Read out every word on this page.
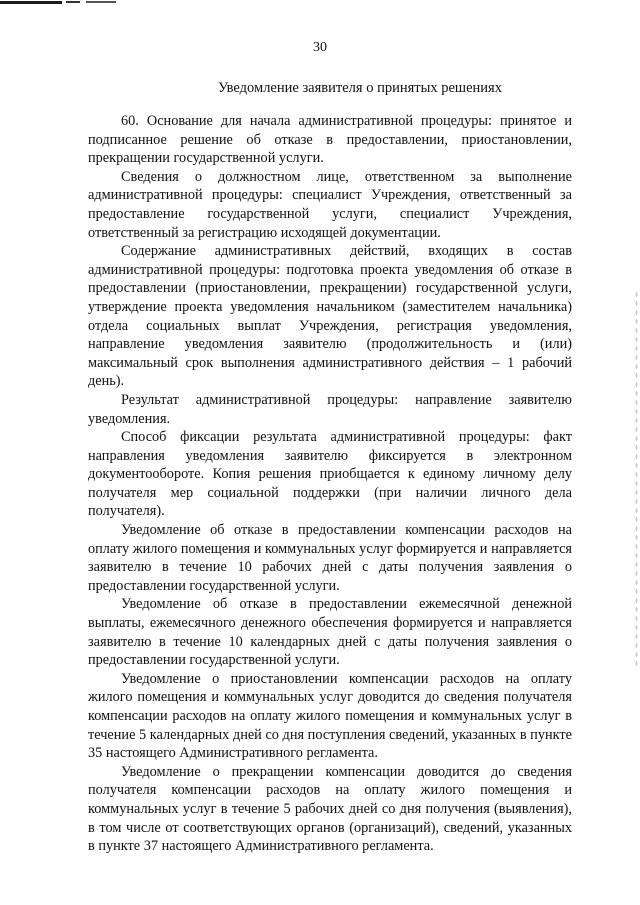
30
Уведомление заявителя о принятых решениях

60. Основание для начала административной процедуры: принятое и подписанное решение об отказе в предоставлении, приостановлении, прекращении государственной услуги.

Сведения о должностном лице, ответственном за выполнение административной процедуры: специалист Учреждения, ответственный за предоставление государственной услуги, специалист Учреждения, ответственный за регистрацию исходящей документации.

Содержание административных действий, входящих в состав административной процедуры: подготовка проекта уведомления об отказе в предоставлении (приостановлении, прекращении) государственной услуги, утверждение проекта уведомления начальником (заместителем начальника) отдела социальных выплат Учреждения, регистрация уведомления, направление уведомления заявителю (продолжительность и (или) максимальный срок выполнения административного действия – 1 рабочий день).

Результат административной процедуры: направление заявителю уведомления.

Способ фиксации результата административной процедуры: факт направления уведомления заявителю фиксируется в электронном документообороте. Копия решения приобщается к единому личному делу получателя мер социальной поддержки (при наличии личного дела получателя).

Уведомление об отказе в предоставлении компенсации расходов на оплату жилого помещения и коммунальных услуг формируется и направляется заявителю в течение 10 рабочих дней с даты получения заявления о предоставлении государственной услуги.

Уведомление об отказе в предоставлении ежемесячной денежной выплаты, ежемесячного денежного обеспечения формируется и направляется заявителю в течение 10 календарных дней с даты получения заявления о предоставлении государственной услуги.

Уведомление о приостановлении компенсации расходов на оплату жилого помещения и коммунальных услуг доводится до сведения получателя компенсации расходов на оплату жилого помещения и коммунальных услуг в течение 5 календарных дней со дня поступления сведений, указанных в пункте 35 настоящего Административного регламента.

Уведомление о прекращении компенсации доводится до сведения получателя компенсации расходов на оплату жилого помещения и коммунальных услуг в течение 5 рабочих дней со дня получения (выявления), в том числе от соответствующих органов (организаций), сведений, указанных в пункте 37 настоящего Административного регламента.
